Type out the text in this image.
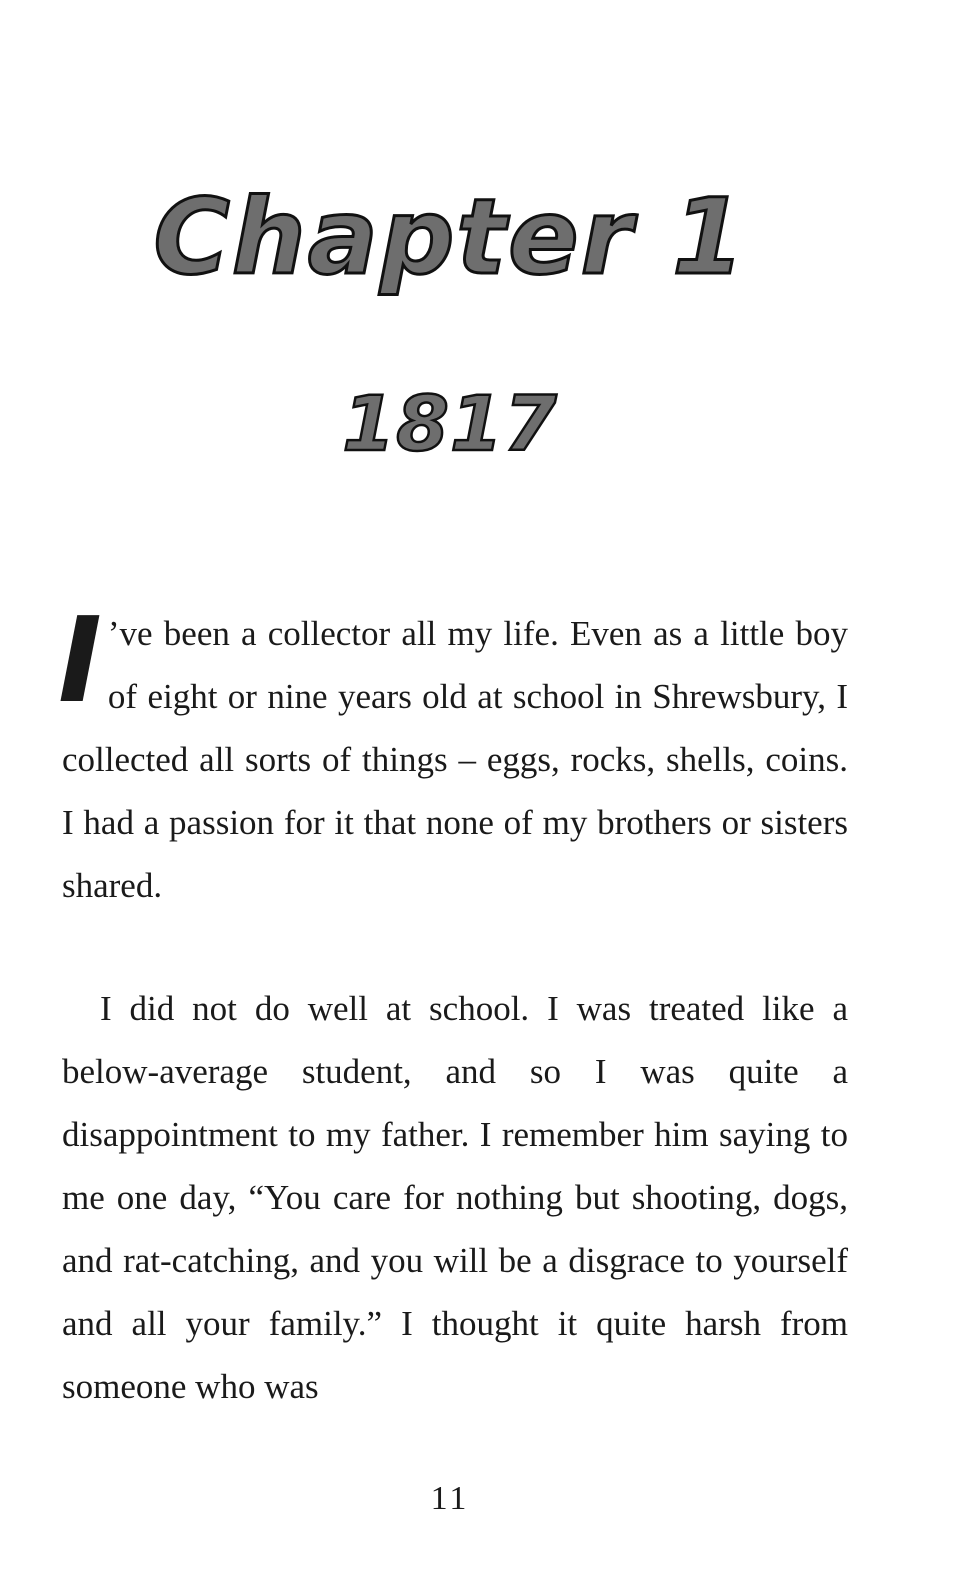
Chapter 1
1817

I ’ve been a collector all my life. Even as a little boy of eight or nine years old at school in Shrewsbury, I collected all sorts of things – eggs, rocks, shells, coins. I had a passion for it that none of my brothers or sisters shared.

I did not do well at school. I was treated like a below-average student, and so I was quite a disappointment to my father. I remember him saying to me one day, “You care for nothing but shooting, dogs, and rat-catching, and you will be a disgrace to yourself and all your family.” I thought it quite harsh from someone who was

11
